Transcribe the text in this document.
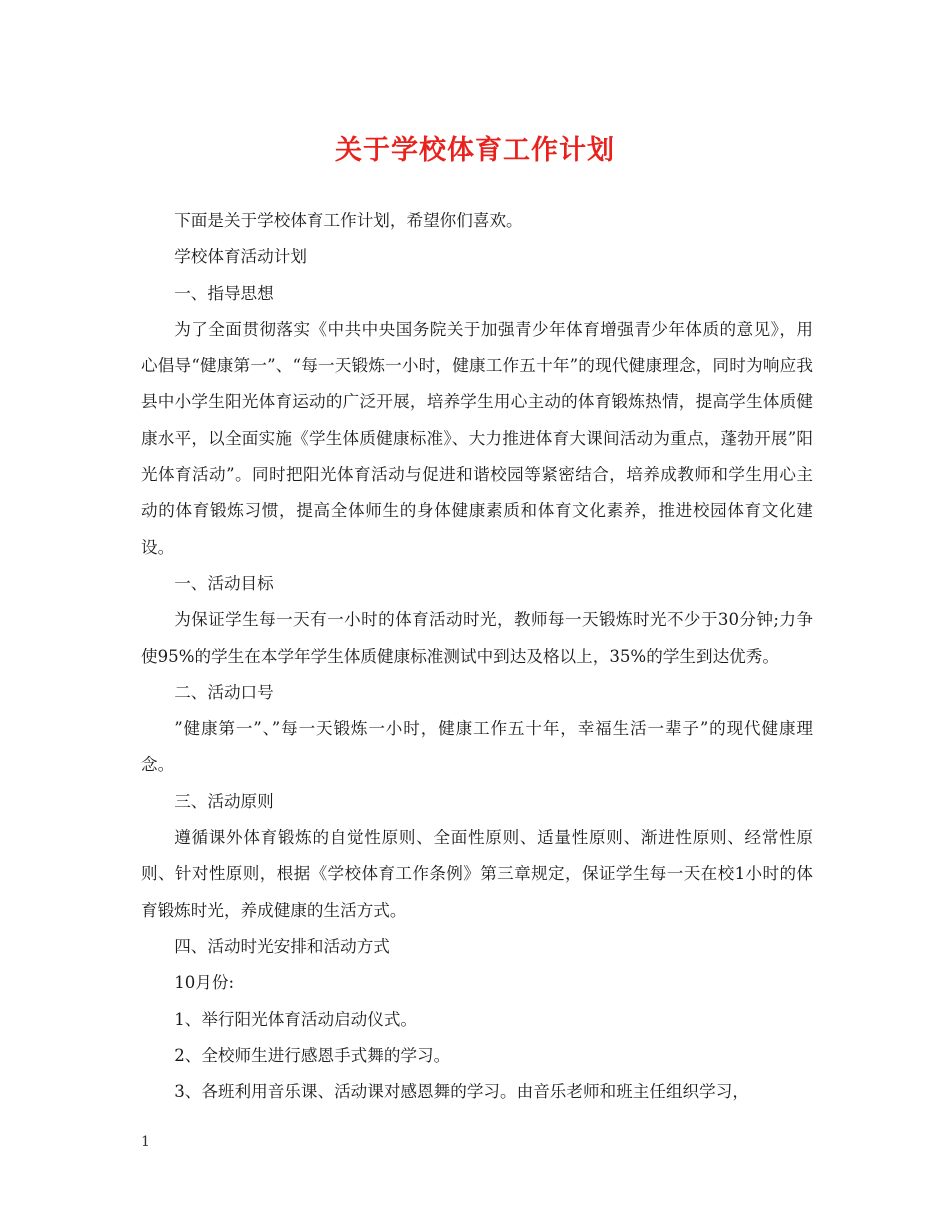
关于学校体育工作计划

下面是关于学校体育工作计划，希望你们喜欢。

学校体育活动计划

一、指导思想

为了全面贯彻落实《中共中央国务院关于加强青少年体育增强青少年体质的意见》，用心倡导“健康第一”、“每一天锻炼一小时，健康工作五十年”的现代健康理念，同时为响应我县中小学生阳光体育运动的广泛开展，培养学生用心主动的体育锻炼热情，提高学生体质健康水平，以全面实施《学生体质健康标准》、大力推进体育大课间活动为重点，蓬勃开展”阳光体育活动”。同时把阳光体育活动与促进和谐校园等紧密结合，培养成教师和学生用心主动的体育锻炼习惯，提高全体师生的身体健康素质和体育文化素养，推进校园体育文化建设。

一、活动目标

为保证学生每一天有一小时的体育活动时光，教师每一天锻炼时光不少于30分钟;力争使95%的学生在本学年学生体质健康标准测试中到达及格以上，35%的学生到达优秀。

二、活动口号

”健康第一”、”每一天锻炼一小时，健康工作五十年，幸福生活一辈子”的现代健康理念。

三、活动原则

遵循课外体育锻炼的自觉性原则、全面性原则、适量性原则、渐进性原则、经常性原则、针对性原则，根据《学校体育工作条例》第三章规定，保证学生每一天在校1小时的体育锻炼时光，养成健康的生活方式。

四、活动时光安排和活动方式

10月份:

1、举行阳光体育活动启动仪式。

2、全校师生进行感恩手式舞的学习。

3、各班利用音乐课、活动课对感恩舞的学习。由音乐老师和班主任组织学习，

1
